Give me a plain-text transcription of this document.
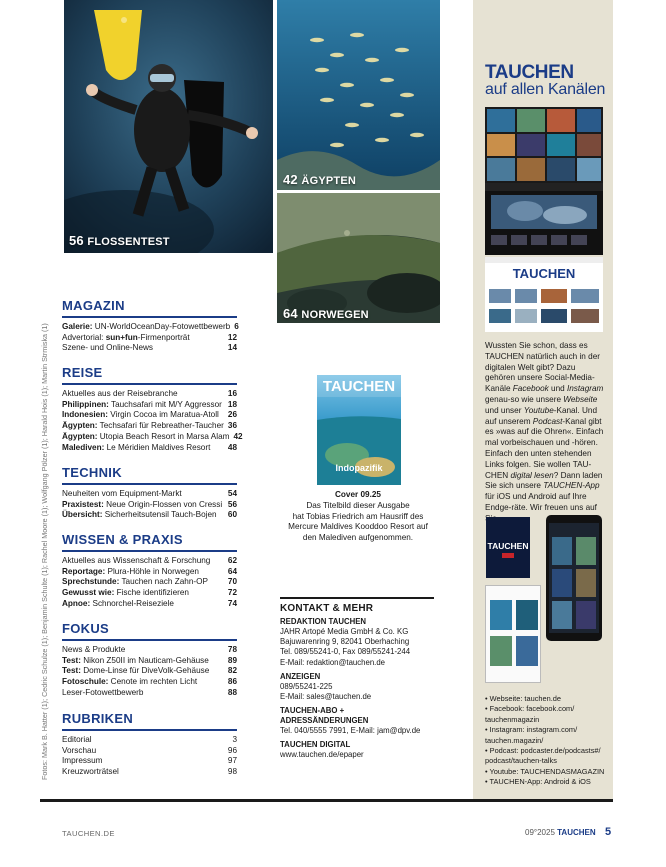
56 FLOSSENTEST
42 ÄGYPTEN
64 NORWEGEN
Fotos: Mark B. Hatter (1); Cedric Schulze (1); Benjamin Schulte (1); Rachel Moore (1); Wolfgang Pölzer (1); Harald Hois (1); Martin Strmiska (1)
MAGAZIN
Galerie: UN-WorldOceanDay-Fotowettbewerb 6
Advertorial: sun+fun-Firmenporträt	12
Szene- und Online-News	14
REISE
Aktuelles aus der Reisebranche	16
Philippinen: Tauchsafari mit M/Y Aggressor 18
Indonesien: Virgin Cocoa im Maratua-Atoll 26
Ägypten: Techsafari für Rebreather-Taucher 36
Ägypten: Utopia Beach Resort in Marsa Alam 42
Malediven: Le Méridien Maldives Resort 48
TECHNIK
Neuheiten vom Equipment-Markt	54
Praxistest: Neue Origin-Flossen von Cressi 56
Übersicht: Sicherheitsutensil Tauch-Bojen 60
WISSEN & PRAXIS
Aktuelles aus Wissenschaft & Forschung 62
Reportage: Plura-Höhle in Norwegen	64
Sprechstunde: Tauchen nach Zahn-OP 70
Gewusst wie: Fische identifizieren	72
Apnoe: Schnorchel-Reiseziele	74
FOKUS
News & Produkte	78
Test: Nikon Z50II im Nauticam-Gehäuse 89
Test: Dome-Linse für DiveVolk-Gehäuse 82
Fotoschule: Cenote im rechten Licht	86
Leser-Fotowettbewerb	88
RUBRIKEN
Editorial	3
Vorschau	96
Impressum	97
Kreuzworträtsel	98
TAUCHEN
Indopazifik
Cover 09.25
Das Titelbild dieser Ausgabe
hat Tobias Friedrich am Hausriff des
Mercure Maldives Kooddoo Resort auf
den Malediven aufgenommen.
KONTAKT & MEHR
REDAKTION TAUCHEN
JAHR Artopé Media GmbH & Co. KG
Bajuwarenring 9, 82041 Oberhaching
Tel. 089/55241-0, Fax 089/55241-244
E-Mail: redaktion@tauchen.de
ANZEIGEN
089/55241-225
E-Mail: sales@tauchen.de
TAUCHEN-ABO +
ADRESSÄNDERUNGEN
Tel. 040/5555 7991, E-Mail: jam@dpv.de
TAUCHEN DIGITAL
www.tauchen.de/epaper
TAUCHEN
auf allen Kanälen
TAUCHEN
Wussten Sie schon, dass es TAUCHEN natürlich auch in der digitalen Welt gibt? Dazu gehören unsere Social-Media-Kanäle Facebook und Instagram genau-so wie unsere Webseite und unser Youtube-Kanal. Und auf unserem Podcast-Kanal gibt es »was auf die Ohren«. Einfach mal vorbeischauen und -hören. Einfach den unten stehenden Links folgen. Sie wollen TAU-CHEN digital lesen? Dann laden Sie sich unsere TAUCHEN-App für iOS und Android auf Ihre Endge-räte. Wir freuen uns auf
TAUCHEN
• Webseite: tauchen.de
• Facebook: facebook.com/
tauchenmagazin
• Instagram: instagram.com/
tauchen.magazin/
• Podcast: podcaster.de/podcasts#/
podcast/tauchen-talks
• Youtube: TAUCHENDASMAGAZIN
• TAUCHEN-App: Android & iOS
TAUCHEN.DE	09°2025 TAUCHEN 5
